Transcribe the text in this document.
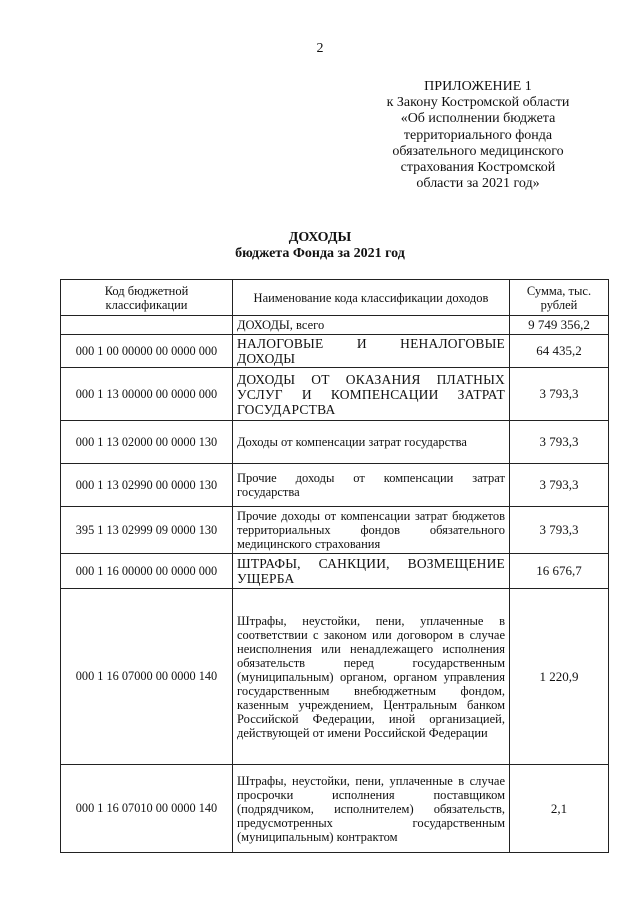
2
ПРИЛОЖЕНИЕ 1
к Закону Костромской области
«Об исполнении бюджета
территориального фонда
обязательного медицинского
страхования Костромской
области за 2021 год»
ДОХОДЫ
бюджета Фонда за 2021 год
Код бюджетной классификации	Наименование кода классификации доходов	Сумма, тыс. рублей
	ДОХОДЫ, всего	9 749 356,2
000 1 00 00000 00 0000 000	НАЛОГОВЫЕ И НЕНАЛОГОВЫЕ ДОХОДЫ	64 435,2
000 1 13 00000 00 0000 000	ДОХОДЫ ОТ ОКАЗАНИЯ ПЛАТНЫХ УСЛУГ И КОМПЕНСАЦИИ ЗАТРАТ ГОСУДАРСТВА	3 793,3
000 1 13 02000 00 0000 130	Доходы от компенсации затрат государства	3 793,3
000 1 13 02990 00 0000 130	Прочие доходы от компенсации затрат государства	3 793,3
395 1 13 02999 09 0000 130	Прочие доходы от компенсации затрат бюджетов территориальных фондов обязательного медицинского страхования	3 793,3
000 1 16 00000 00 0000 000	ШТРАФЫ, САНКЦИИ, ВОЗМЕЩЕНИЕ УЩЕРБА	16 676,7
000 1 16 07000 00 0000 140	Штрафы, неустойки, пени, уплаченные в соответствии с законом или договором в случае неисполнения или ненадлежащего исполнения обязательств перед государственным (муниципальным) органом, органом управления государственным внебюджетным фондом, казенным учреждением, Центральным банком Российской Федерации, иной организацией, действующей от имени Российской Федерации	1 220,9
000 1 16 07010 00 0000 140	Штрафы, неустойки, пени, уплаченные в случае просрочки исполнения поставщиком (подрядчиком, исполнителем) обязательств, предусмотренных государственным (муниципальным) контрактом	2,1
